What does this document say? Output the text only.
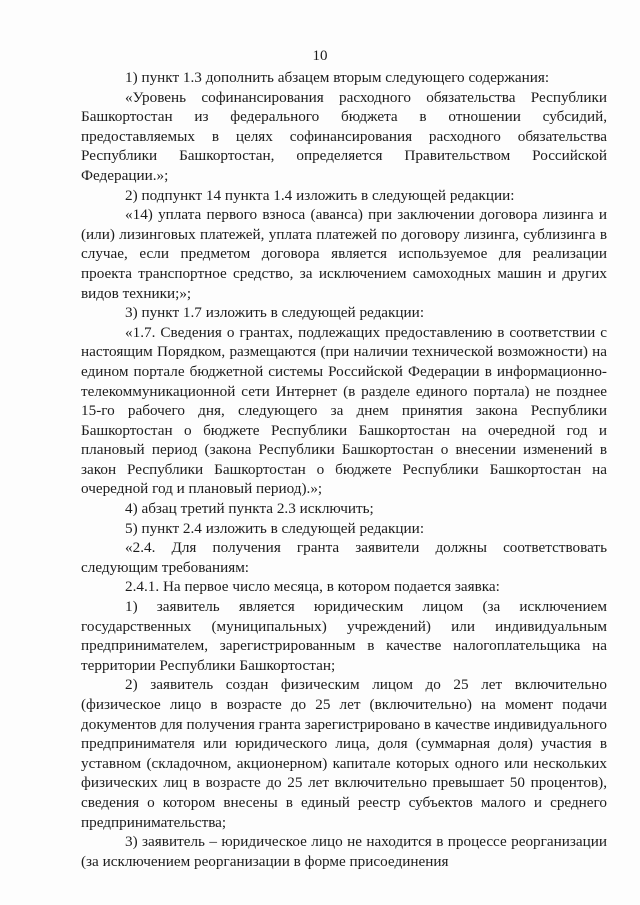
10

1) пункт 1.3 дополнить абзацем вторым следующего содержания:

«Уровень софинансирования расходного обязательства Республики Башкортостан из федерального бюджета в отношении субсидий, предоставляемых в целях софинансирования расходного обязательства Республики Башкортостан, определяется Правительством Российской Федерации.»;

2) подпункт 14 пункта 1.4 изложить в следующей редакции:

«14) уплата первого взноса (аванса) при заключении договора лизинга и (или) лизинговых платежей, уплата платежей по договору лизинга, сублизинга в случае, если предметом договора является используемое для реализации проекта транспортное средство, за исключением самоходных машин и других видов техники;»;

3) пункт 1.7 изложить в следующей редакции:

«1.7. Сведения о грантах, подлежащих предоставлению в соответствии с настоящим Порядком, размещаются (при наличии технической возможности) на едином портале бюджетной системы Российской Федерации в информационно-телекоммуникационной сети Интернет (в разделе единого портала) не позднее 15-го рабочего дня, следующего за днем принятия закона Республики Башкортостан о бюджете Республики Башкортостан на очередной год и плановый период (закона Республики Башкортостан о внесении изменений в закон Республики Башкортостан о бюджете Республики Башкортостан на очередной год и плановый период).»;

4) абзац третий пункта 2.3 исключить;

5) пункт 2.4 изложить в следующей редакции:

«2.4. Для получения гранта заявители должны соответствовать следующим требованиям:

2.4.1. На первое число месяца, в котором подается заявка:

1) заявитель является юридическим лицом (за исключением государственных (муниципальных) учреждений) или индивидуальным предпринимателем, зарегистрированным в качестве налогоплательщика на территории Республики Башкортостан;

2) заявитель создан физическим лицом до 25 лет включительно (физическое лицо в возрасте до 25 лет (включительно) на момент подачи документов для получения гранта зарегистрировано в качестве индивидуального предпринимателя или юридического лица, доля (суммарная доля) участия в уставном (складочном, акционерном) капитале которых одного или нескольких физических лиц в возрасте до 25 лет включительно превышает 50 процентов), сведения о котором внесены в единый реестр субъектов малого и среднего предпринимательства;

3) заявитель – юридическое лицо не находится в процессе реорганизации (за исключением реорганизации в форме присоединения
